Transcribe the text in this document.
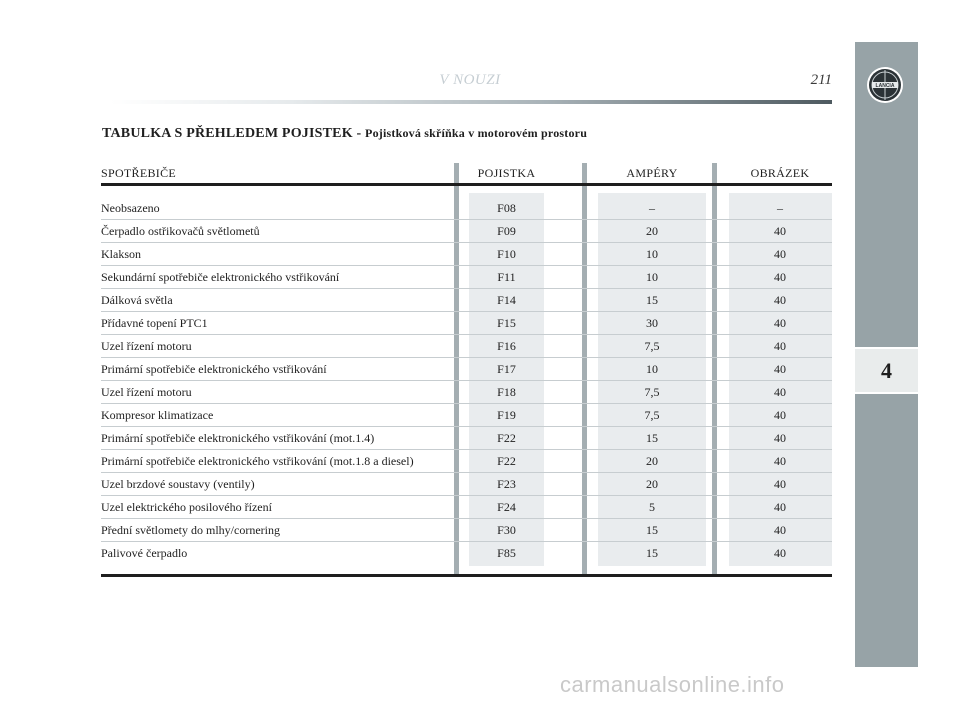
V NOUZI	211	LANCIA
4
TABULKA S PŘEHLEDEM POJISTEK - Pojistková skříňka v motorovém prostoru
SPOTŘEBIČE	POJISTKA	AMPÉRY	OBRÁZEK
Neobsazeno	F08	–	–
Čerpadlo ostřikovačů světlometů	F09	20	40
Klakson	F10	10	40
Sekundární spotřebiče elektronického vstřikování	F11	10	40
Dálková světla	F14	15	40
Přídavné topení PTC1	F15	30	40
Uzel řízení motoru	F16	7,5	40
Primární spotřebiče elektronického vstřikování	F17	10	40
Uzel řízení motoru	F18	7,5	40
Kompresor klimatizace	F19	7,5	40
Primární spotřebiče elektronického vstřikování (mot.1.4)	F22	15	40
Primární spotřebiče elektronického vstřikování (mot.1.8 a diesel)	F22	20	40
Uzel brzdové soustavy (ventily)	F23	20	40
Uzel elektrického posilového řízení	F24	5	40
Přední světlomety do mlhy/cornering	F30	15	40
Palivové čerpadlo	F85	15	40
carmanualsonline.info
